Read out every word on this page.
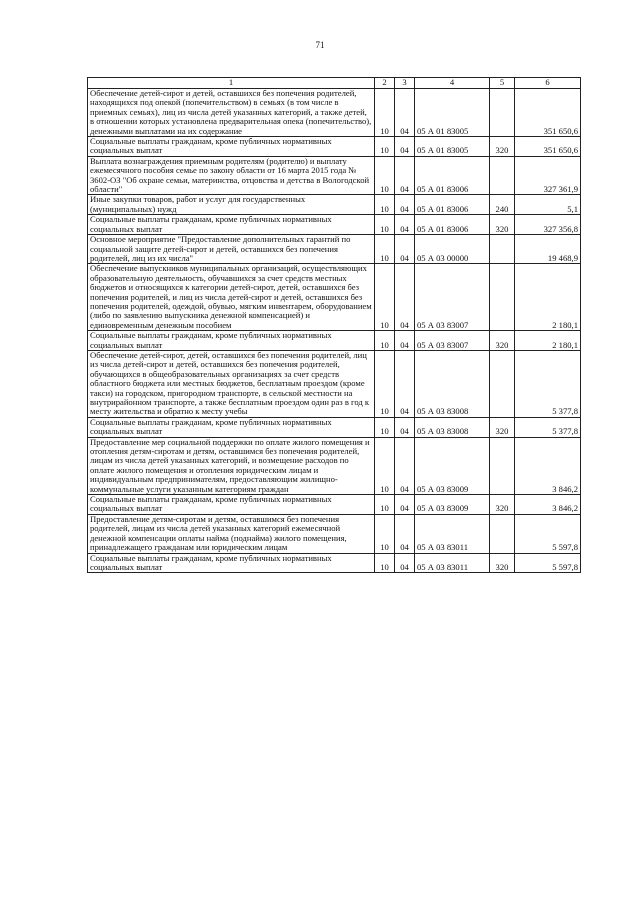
71
1	2	3	4	5	6
Обеспечение детей-сирот и детей, оставшихся без попечения родителей, находящихся под опекой (попечительством) в семьях (в том числе в приемных семьях), лиц из числа детей указанных категорий, а также детей, в отношении которых установлена предварительная опека (попечительство), денежными выплатами на их содержание	10	04	05 А 01 83005		351 650,6
Социальные выплаты гражданам, кроме публичных нормативных социальных выплат	10	04	05 А 01 83005	320	351 650,6
Выплата вознаграждения приемным родителям (родителю) и выплату ежемесячного пособия семье по закону области от 16 марта 2015 года № 3602-ОЗ "Об охране семьи, материнства, отцовства и детства в Вологодской области"	10	04	05 А 01 83006		327 361,9
Иные закупки товаров, работ и услуг для государственных (муниципальных) нужд	10	04	05 А 01 83006	240	5,1
Социальные выплаты гражданам, кроме публичных нормативных социальных выплат	10	04	05 А 01 83006	320	327 356,8
Основное мероприятие "Предоставление дополнительных гарантий по социальной защите детей-сирот и детей, оставшихся без попечения родителей, лиц из их числа"	10	04	05 А 03 00000		19 468,9
Обеспечение выпускников муниципальных организаций, осуществляющих образовательную деятельность, обучавшихся за счет средств местных бюджетов и относящихся к категории детей-сирот, детей, оставшихся без попечения родителей, и лиц из числа детей-сирот и детей, оставшихся без попечения родителей, одеждой, обувью, мягким инвентарем, оборудованием (либо по заявлению выпускника денежной компенсацией) и единовременным денежным пособием	10	04	05 А 03 83007		2 180,1
Социальные выплаты гражданам, кроме публичных нормативных социальных выплат	10	04	05 А 03 83007	320	2 180,1
Обеспечение детей-сирот, детей, оставшихся без попечения родителей, лиц из числа детей-сирот и детей, оставшихся без попечения родителей, обучающихся в общеобразовательных организациях за счет средств областного бюджета или местных бюджетов, бесплатным проездом (кроме такси) на городском, пригородном транспорте, в сельской местности на внутрирайонном транспорте, а также бесплатным проездом один раз в год к месту жительства и обратно к месту учебы	10	04	05 А 03 83008		5 377,8
Социальные выплаты гражданам, кроме публичных нормативных социальных выплат	10	04	05 А 03 83008	320	5 377,8
Предоставление мер социальной поддержки по оплате жилого помещения и отопления детям-сиротам и детям, оставшимся без попечения родителей, лицам из числа детей указанных категорий, и возмещение расходов по оплате жилого помещения и отопления юридическим лицам и индивидуальным предпринимателям, предоставляющим жилищно-коммунальные услуги указанным категориям граждан	10	04	05 А 03 83009		3 846,2
Социальные выплаты гражданам, кроме публичных нормативных социальных выплат	10	04	05 А 03 83009	320	3 846,2
Предоставление детям-сиротам и детям, оставшимся без попечения родителей, лицам из числа детей указанных категорий ежемесячной денежной компенсации оплаты найма (поднайма) жилого помещения, принадлежащего гражданам или юридическим лицам	10	04	05 А 03 83011		5 597,8
Социальные выплаты гражданам, кроме публичных нормативных социальных выплат	10	04	05 А 03 83011	320	5 597,8
